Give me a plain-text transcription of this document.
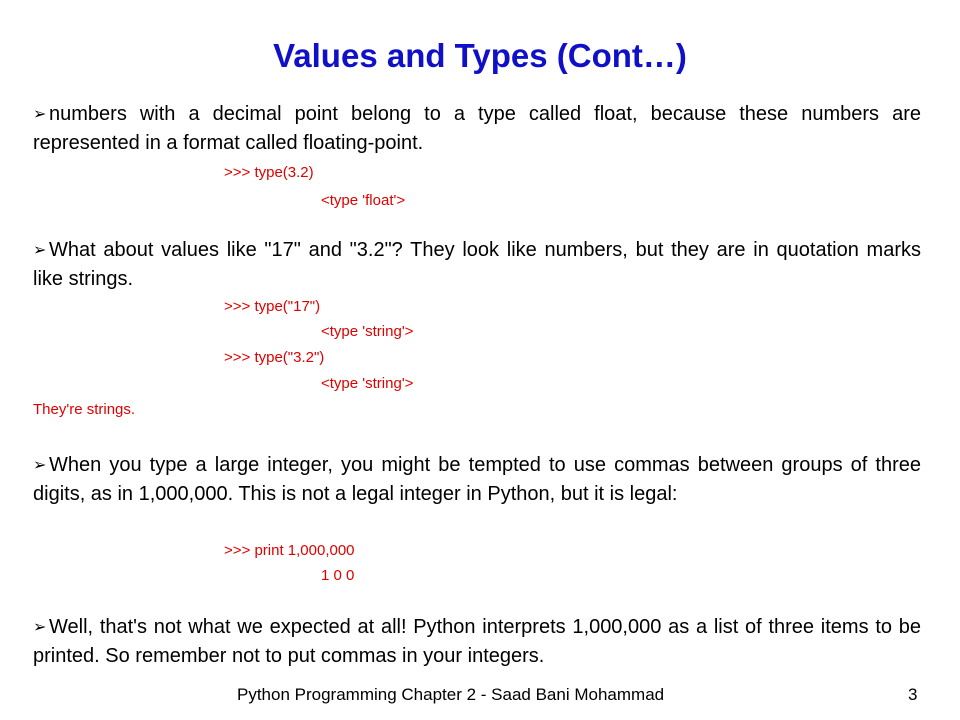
Values and Types (Cont…)
➢ numbers with a decimal point belong to a type called float, because these numbers are represented in a format called floating-point.
>>> type(3.2)
<type 'float'>
➢ What about values like "17" and "3.2"? They look like numbers, but they are in quotation marks like strings.
>>> type("17")
<type 'string'>
>>> type("3.2")
<type 'string'>
They're strings.
➢ When you type a large integer, you might be tempted to use commas between groups of three digits, as in 1,000,000. This is not a legal integer in Python, but it is legal:
>>> print 1,000,000
1 0 0
➢ Well, that's not what we expected at all! Python interprets 1,000,000 as a list of three items to be printed. So remember not to put commas in your integers.
Python Programming Chapter 2 - Saad Bani Mohammad	3
